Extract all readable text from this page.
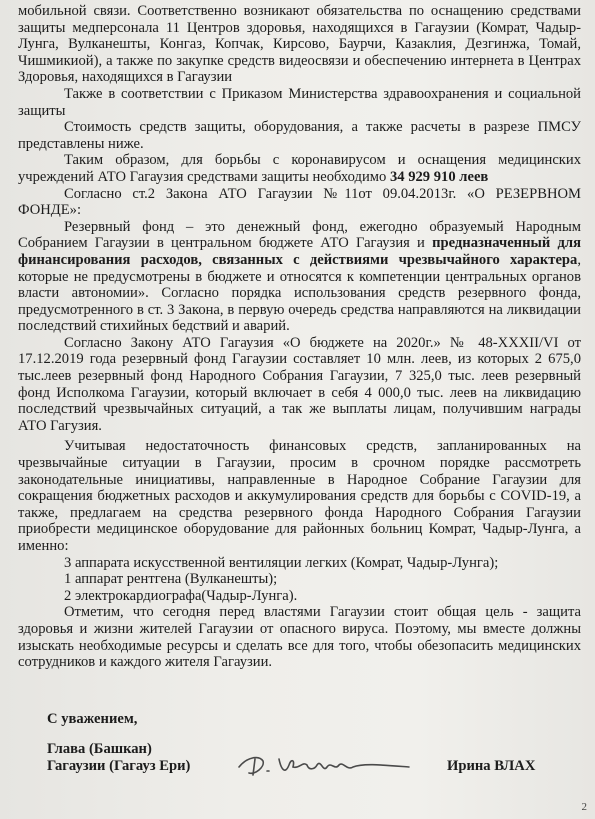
мобильной связи. Соответственно возникают обязательства по оснащению средствами защиты медперсонала 11 Центров здоровья, находящихся в Гагаузии (Комрат, Чадыр-Лунга, Вулканешты, Конгаз, Копчак, Кирсово, Баурчи, Казаклия, Дезгинжа, Томай, Чишмикиой), а также по закупке средств видеосвязи и обеспечению интернета в Центрах Здоровья, находящихся в Гагаузии

Также в соответствии с Приказом Министерства здравоохранения и социальной защиты

Стоимость средств защиты, оборудования, а также расчеты в разрезе ПМСУ представлены ниже.

Таким образом, для борьбы с коронавирусом и оснащения медицинских учреждений АТО Гагаузия средствами защиты необходимо 34 929 910 леев

Согласно ст.2 Закона АТО Гагаузии №11от 09.04.2013г. «О РЕЗЕРВНОМ ФОНДЕ»:

Резервный фонд – это денежный фонд, ежегодно образуемый Народным Собранием Гагаузии в центральном бюджете АТО Гагаузия и предназначенный для финансирования расходов, связанных с действиями чрезвычайного характера, которые не предусмотрены в бюджете и относятся к компетенции центральных органов власти автономии». Согласно порядка использования средств резервного фонда, предусмотренного в ст. 3 Закона, в первую очередь средства направляются на ликвидации последствий стихийных бедствий и аварий.

Согласно Закону АТО Гагаузия «О бюджете на 2020г.» № 48-XXXII/VI от 17.12.2019 года резервный фонд Гагаузии составляет 10 млн. леев, из которых 2 675,0 тыс.леев резервный фонд Народного Собрания Гагаузии, 7 325,0 тыс. леев резервный фонд Исполкома Гагаузии, который включает в себя 4 000,0 тыс. леев на ликвидацию последствий чрезвычайных ситуаций, а так же выплаты лицам, получившим награды АТО Гагузия.

Учитывая недостаточность финансовых средств, запланированных на чрезвычайные ситуации в Гагаузии, просим в срочном порядке рассмотреть законодательные инициативы, направленные в Народное Собрание Гагаузии для сокращения бюджетных расходов и аккумулирования средств для борьбы с COVID-19, а также, предлагаем на средства резервного фонда Народного Собрания Гагаузии приобрести медицинское оборудование для районных больниц Комрат, Чадыр-Лунга, а именно:

3 аппарата искусственной вентиляции легких (Комрат, Чадыр-Лунга);

1 аппарат рентгена (Вулканешты);

2 электрокардиографа(Чадыр-Лунга).

Отметим, что сегодня перед властями Гагаузии стоит общая цель - защита здоровья и жизни жителей Гагаузии от опасного вируса. Поэтому, мы вместе должны изыскать необходимые ресурсы и сделать все для того, чтобы обезопасить медицинских сотрудников и каждого жителя Гагаузии.

С уважением,
Глава (Башкан)
Гагаузии (Гагауз Ери)	Ирина ВЛАХ
2
